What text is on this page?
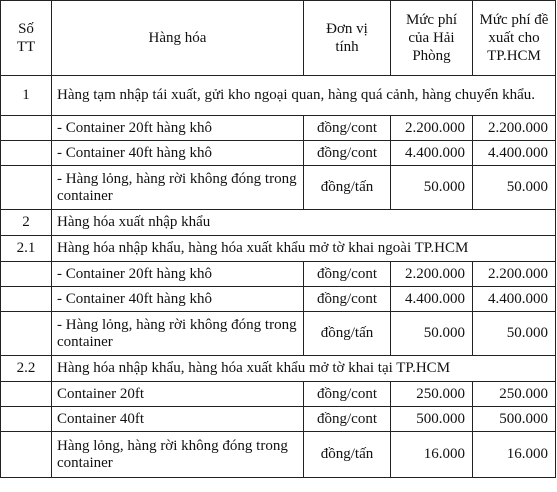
Số TT	Hàng hóa	Đơn vị tính	Mức phí của Hải Phòng	Mức phí đề xuất cho TP.HCM
1	Hàng tạm nhập tái xuất, gửi kho ngoại quan, hàng quá cảnh, hàng chuyển khẩu.			
	- Container 20ft hàng khô	đồng/cont	2.200.000	2.200.000
	- Container 40ft hàng khô	đồng/cont	4.400.000	4.400.000
	- Hàng lỏng, hàng rời không đóng trong container	đồng/tấn	50.000	50.000
2	Hàng hóa xuất nhập khẩu			
2.1	Hàng hóa nhập khẩu, hàng hóa xuất khẩu mở tờ khai ngoài TP.HCM			
	- Container 20ft hàng khô	đồng/cont	2.200.000	2.200.000
	- Container 40ft hàng khô	đồng/cont	4.400.000	4.400.000
	- Hàng lỏng, hàng rời không đóng trong container	đồng/tấn	50.000	50.000
2.2	Hàng hóa nhập khẩu, hàng hóa xuất khẩu mở tờ khai tại TP.HCM			
	Container 20ft	đồng/cont	250.000	250.000
	Container 40ft	đồng/cont	500.000	500.000
	Hàng lỏng, hàng rời không đóng trong container	đồng/tấn	16.000	16.000
